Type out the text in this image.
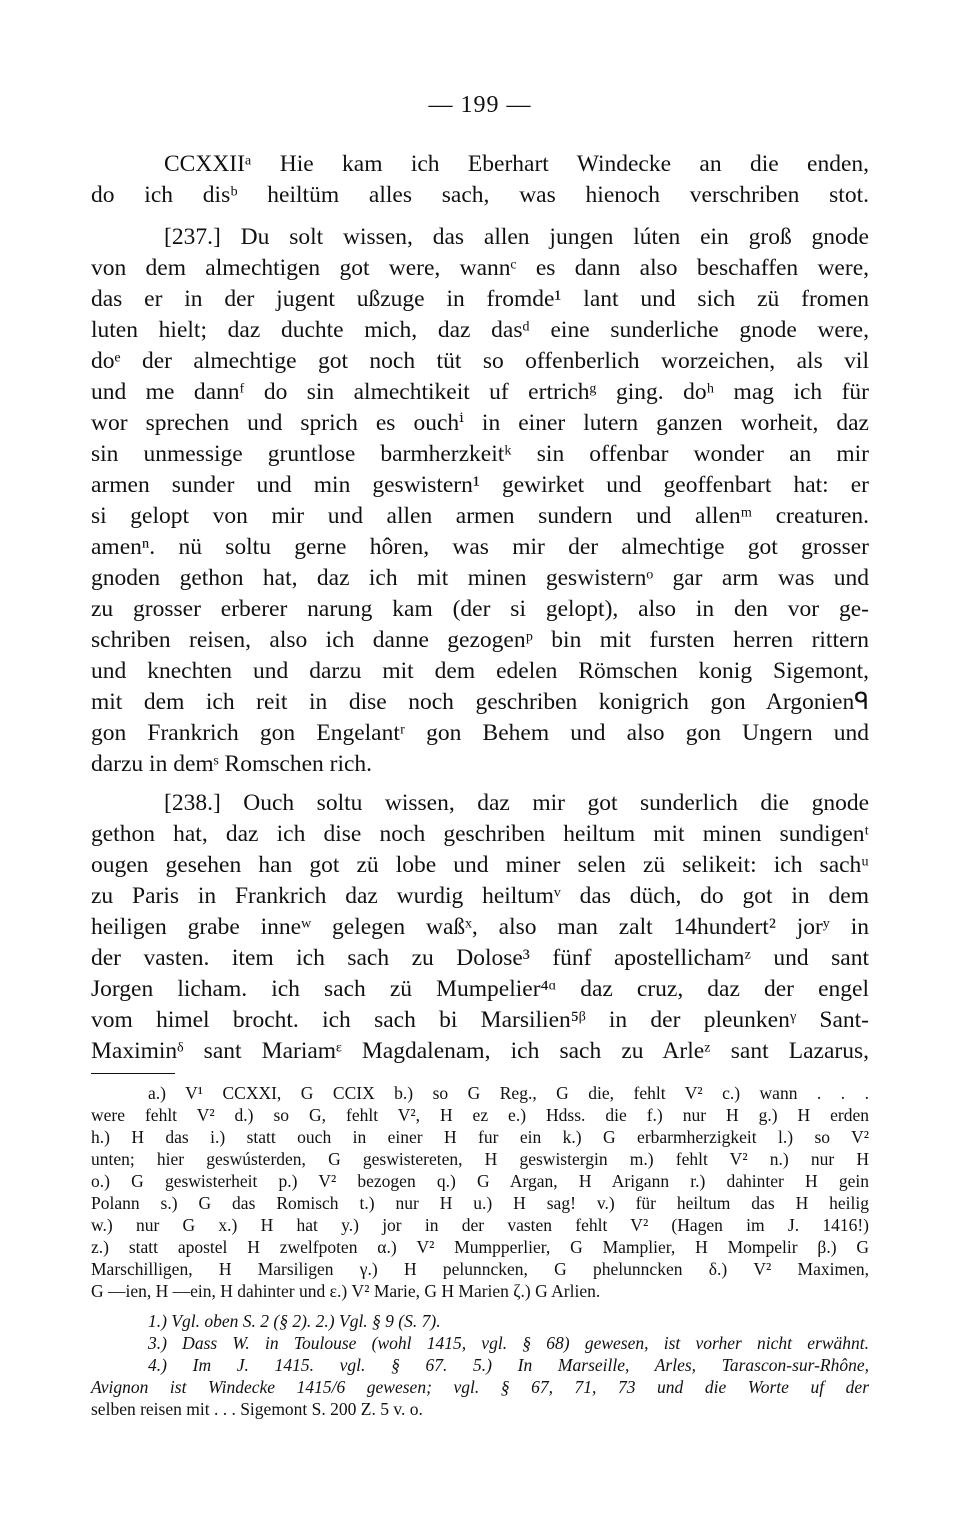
— 199 —
CCXXIIᵃ Hie kam ich Eberhart Windecke an die enden,
do ich disᵇ heiltüm alles sach, was hienoch verschriben stot.
[237.] Du solt wissen, das allen jungen lúten ein groß gnode
von dem almechtigen got were, wannᶜ es dann also beschaffen were,
das er in der jugent ußzuge in fromde¹ lant und sich zü fromen
luten hielt; daz duchte mich, daz dasᵈ eine sunderliche gnode were,
doᵉ der almechtige got noch tüt so offenberlich worzeichen, als vil
und me dannᶠ do sin almechtikeit uf ertrichᵍ ging. doʰ mag ich für
wor sprechen und sprich es ouchⁱ in einer lutern ganzen worheit, daz
sin unmessige gruntlose barmherzkeitᵏ sin offenbar wonder an mir
armen sunder und min geswistern¹ gewirket und geoffenbart hat: er
si gelopt von mir und allen armen sundern und allenᵐ creaturen.
amenⁿ. nü soltu gerne hôren, was mir der almechtige got grosser
gnoden gethon hat, daz ich mit minen geswisternᵒ gar arm was und
zu grosser erberer narung kam (der si gelopt), also in den vor ge-
schriben reisen, also ich danne gezogenᵖ bin mit fursten herren rittern
und knechten und darzu mit dem edelen Römschen konig Sigemont,
mit dem ich reit in dise noch geschriben konigrich gon Argonienᑫ
gon Frankrich gon Engelantʳ gon Behem und also gon Ungern und
darzu in demˢ Romschen rich.
[238.] Ouch soltu wissen, daz mir got sunderlich die gnode
gethon hat, daz ich dise noch geschriben heiltum mit minen sundigenᵗ
ougen gesehen han got zü lobe und miner selen zü selikeit: ich sachᵘ
zu Paris in Frankrich daz wurdig heiltumᵛ das düch, do got in dem
heiligen grabe inneʷ gelegen waßˣ, also man zalt 14hundert² jorʸ in
der vasten. item ich sach zu Dolose³ fünf apostellichamᶻ und sant
Jorgen licham. ich sach zü Mumpelier⁴ᵅ daz cruz, daz der engel
vom himel brocht. ich sach bi Marsilien⁵ᵝ in der pleunkenᵞ Sant-
Maximinᵟ sant Mariamᵋ Magdalenam, ich sach zu Arleᶻ sant Lazarus,
a.) V¹ CCXXI, G CCIX b.) so G Reg., G die, fehlt V² c.) wann . . .
were fehlt V² d.) so G, fehlt V², H ez e.) Hdss. die f.) nur H g.) H erden
h.) H das i.) statt ouch in einer H fur ein k.) G erbarmherzigkeit l.) so V²
unten; hier geswústerden, G geswistereten, H geswistergin m.) fehlt V² n.) nur H
o.) G geswisterheit p.) V² bezogen q.) G Argan, H Arigann r.) dahinter H gein
Polann s.) G das Romisch t.) nur H u.) H sag! v.) für heiltum das H heilig
w.) nur G x.) H hat y.) jor in der vasten fehlt V² (Hagen im J. 1416!)
z.) statt apostel H zwelfpoten α.) V² Mumpperlier, G Mamplier, H Mompelir β.) G
Marschilligen, H Marsiligen γ.) H pelunncken, G phelunncken δ.) V² Maximen,
G —ien, H —ein, H dahinter und ε.) V² Marie, G H Marien ζ.) G Arlien.
1.) Vgl. oben S. 2 (§ 2). 2.) Vgl. § 9 (S. 7).
3.) Dass W. in Toulouse (wohl 1415, vgl. § 68) gewesen, ist vorher nicht erwähnt.
4.) Im J. 1415. vgl. § 67. 5.) In Marseille, Arles, Tarascon-sur-Rhône,
Avignon ist Windecke 1415/6 gewesen; vgl. § 67, 71, 73 und die Worte uf der
selben reisen mit . . . Sigemont S. 200 Z. 5 v. o.
